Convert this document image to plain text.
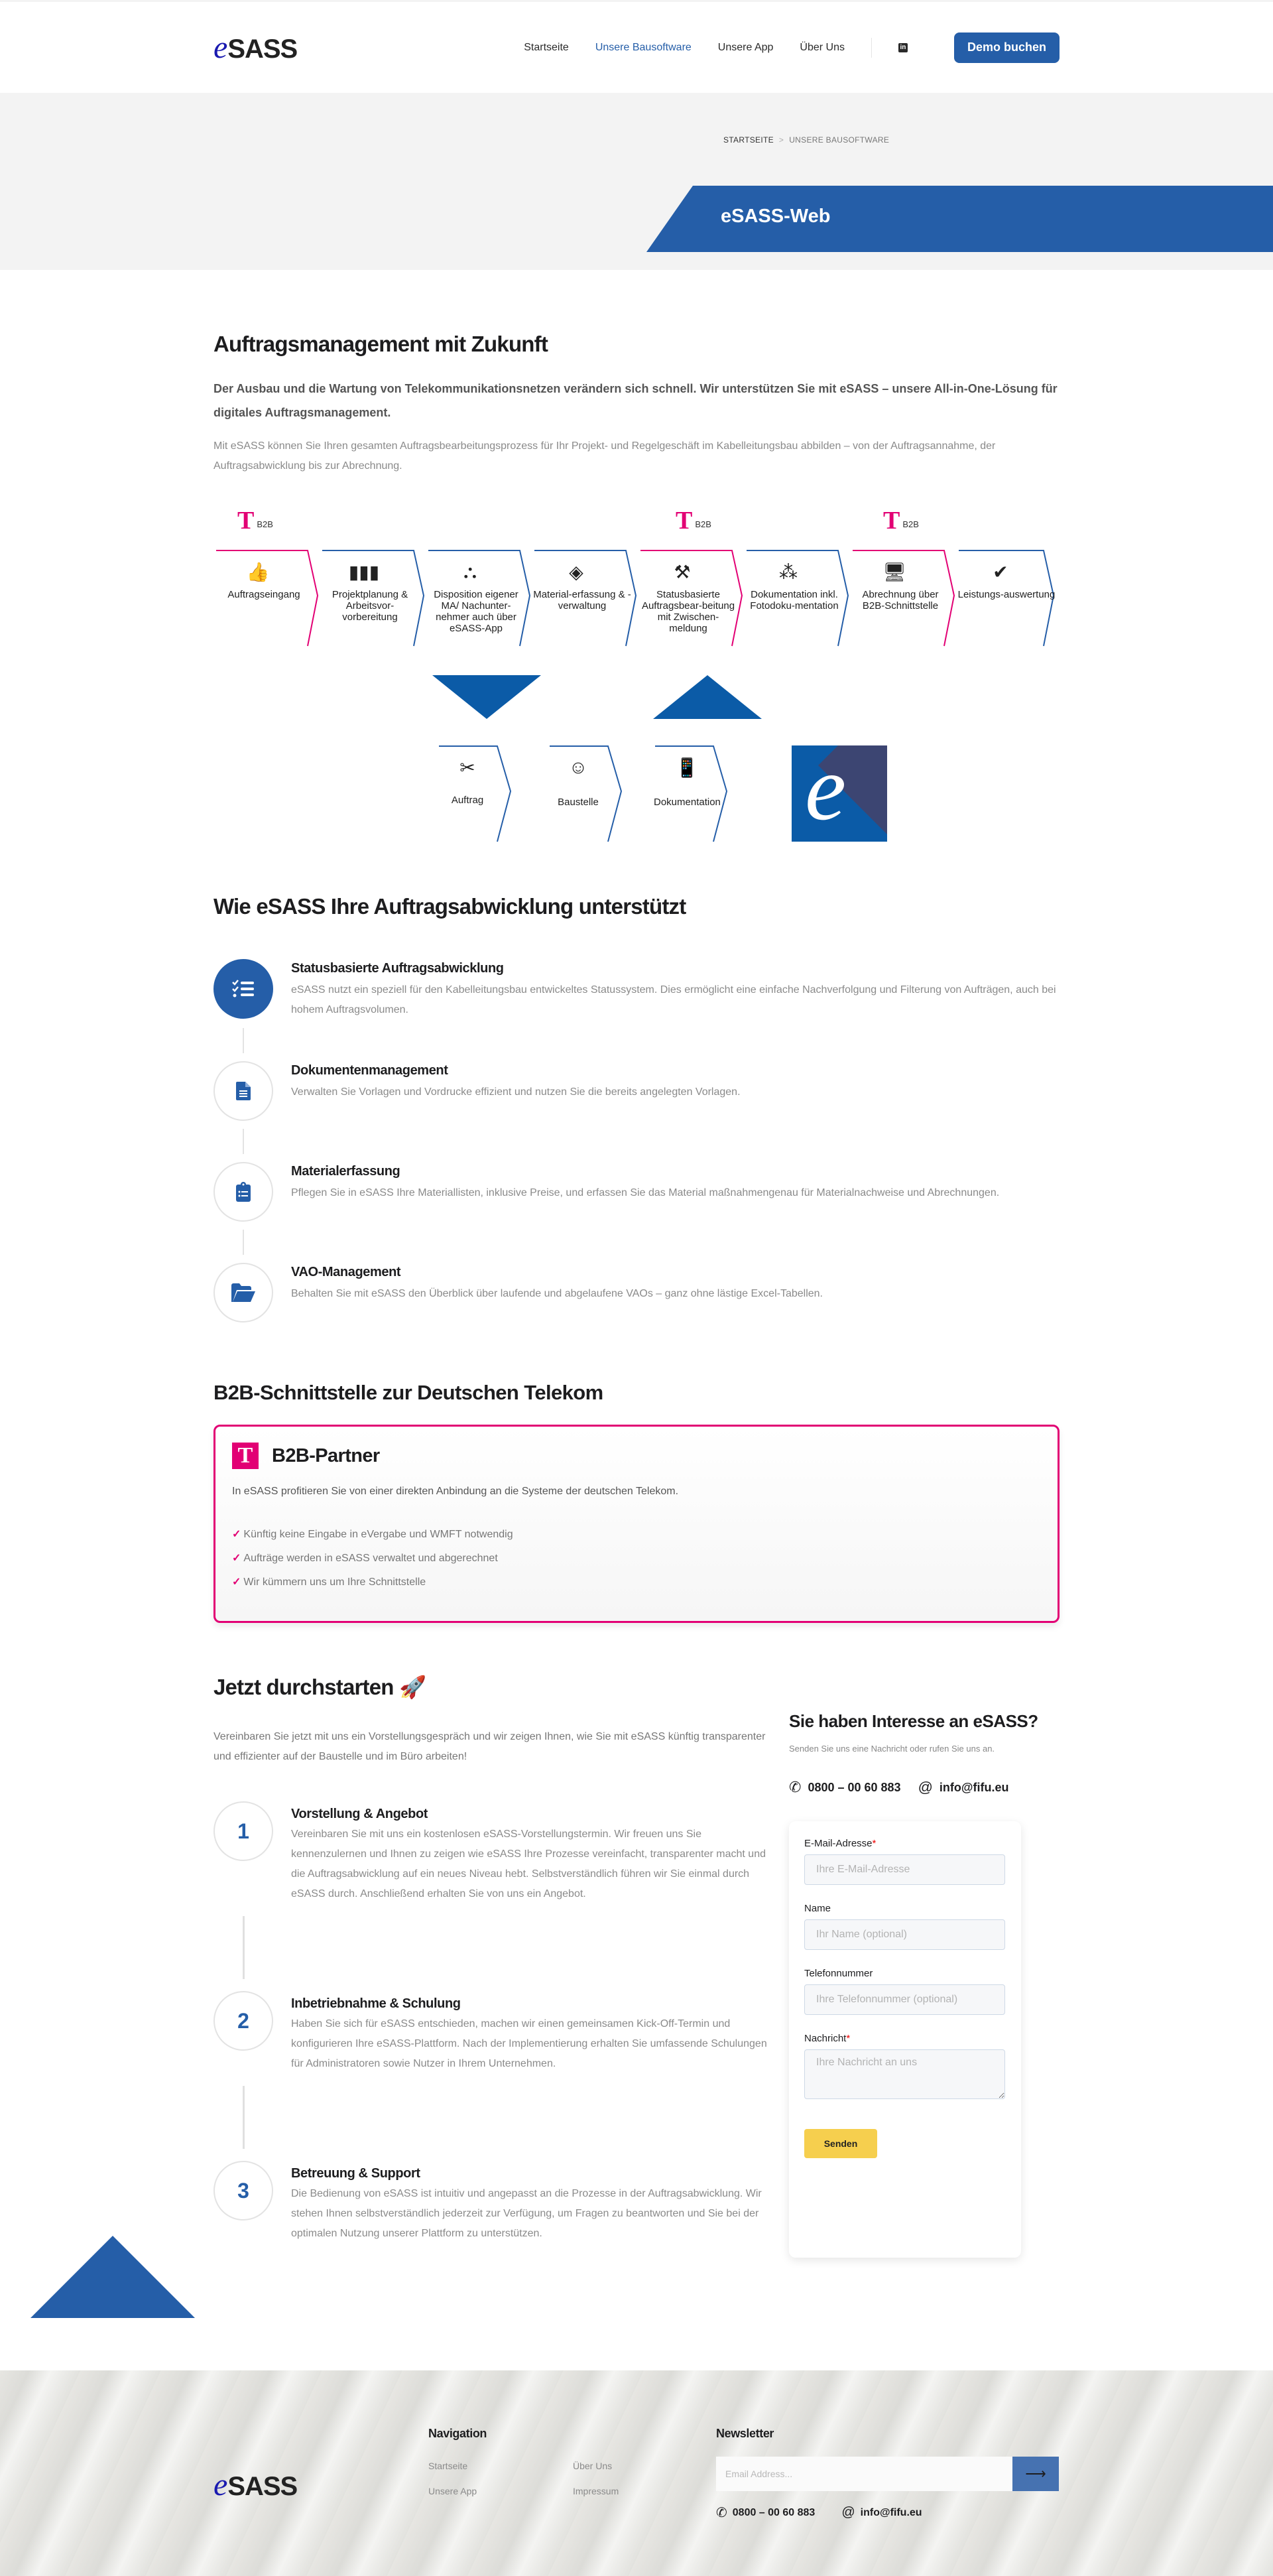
e SASS	Startseite	Unsere Bausoftware	Unsere App	Über Uns	in	Demo buchen
STARTSEITE > UNSERE BAUSOFTWARE
eSASS-Web
Auftragsmanagement mit Zukunft

Der Ausbau und die Wartung von Telekommunikationsnetzen verändern sich schnell. Wir unterstützen Sie mit eSASS – unsere All-in-One-Lösung für digitales Auftragsmanagement.

Mit eSASS können Sie Ihren gesamten Auftragsbearbeitungsprozess für Ihr Projekt- und Regelgeschäft im Kabelleitungsbau abbilden – von der Auftragsannahme, der Auftragsabwicklung bis zur Abrechnung.

T B2B	T B2B	T B2B
👍
Auftragseingang
▮▮▮
Projektplanung & Arbeitsvor-vorbereitung
⛬
Disposition eigener MA/ Nachunter-nehmer auch über eSASS-App
◈
Material-erfassung & -verwaltung
⚒
Statusbasierte Auftragsbear-beitung mit Zwischen-meldung
⁂
Dokumentation inkl. Fotodoku-mentation
🖥
Abrechnung über B2B-Schnittstelle
✔
Leistungs-auswertung
APP
WEB
✂
Auftrag
☺
Baustelle
📱
Dokumentation e
Wie eSASS Ihre Auftragsabwicklung unterstützt
Statusbasierte Auftragsabwicklung

eSASS nutzt ein speziell für den Kabelleitungsbau entwickeltes Statussystem. Dies ermöglicht eine einfache Nachverfolgung und Filterung von Aufträgen, auch bei hohem Auftragsvolumen.

Dokumentenmanagement

Verwalten Sie Vorlagen und Vordrucke effizient und nutzen Sie die bereits angelegten Vorlagen.

Materialerfassung

Pflegen Sie in eSASS Ihre Materiallisten, inklusive Preise, und erfassen Sie das Material maßnahmengenau für Materialnachweise und Abrechnungen.

VAO-Management

Behalten Sie mit eSASS den Überblick über laufende und abgelaufene VAOs – ganz ohne lästige Excel-Tabellen.

B2B-Schnittstelle zur Deutschen Telekom
T B2B-Partner

In eSASS profitieren Sie von einer direkten Anbindung an die Systeme der deutschen Telekom.

✓ Künftig keine Eingabe in eVergabe und WMFT notwendig
✓ Aufträge werden in eSASS verwaltet und abgerechnet
✓ Wir kümmern uns um Ihre Schnittstelle
Jetzt durchstarten 🚀

Vereinbaren Sie jetzt mit uns ein Vorstellungsgespräch und wir zeigen Ihnen, wie Sie mit eSASS künftig transparenter und effizienter auf der Baustelle und im Büro arbeiten!

1
Vorstellung & Angebot

Vereinbaren Sie mit uns ein kostenlosen eSASS-Vorstellungstermin. Wir freuen uns Sie kennenzulernen und Ihnen zu zeigen wie eSASS Ihre Prozesse vereinfacht, transparenter macht und die Auftragsabwicklung auf ein neues Niveau hebt. Selbstverständlich führen wir Sie einmal durch eSASS durch. Anschließend erhalten Sie von uns ein Angebot.

2
Inbetriebnahme & Schulung

Haben Sie sich für eSASS entschieden, machen wir einen gemeinsamen Kick-Off-Termin und konfigurieren Ihre eSASS-Plattform. Nach der Implementierung erhalten Sie umfassende Schulungen für Administratoren sowie Nutzer in Ihrem Unternehmen.

3
Betreuung & Support

Die Bedienung von eSASS ist intuitiv und angepasst an die Prozesse in der Auftragsabwicklung. Wir stehen Ihnen selbstverständlich jederzeit zur Verfügung, um Fragen zu beantworten und Sie bei der optimalen Nutzung unserer Plattform zu unterstützen.

Sie haben Interesse an eSASS?

Senden Sie uns eine Nachricht oder rufen Sie uns an.

✆ 0800 – 00 60 883 @ info@fifu.eu
E-Mail-Adresse*
Ihre E-Mail-Adresse
Name
Ihr Name (optional)
Telefonnummer
Ihre Telefonnummer (optional)
Nachricht*
Ihre Nachricht an uns Senden
e SASS
Navigation
Startseite	Über Uns
Unsere App	Impressum
Newsletter
Email Address...
⟶
✆ 0800 – 00 60 883 @ info@fifu.eu
